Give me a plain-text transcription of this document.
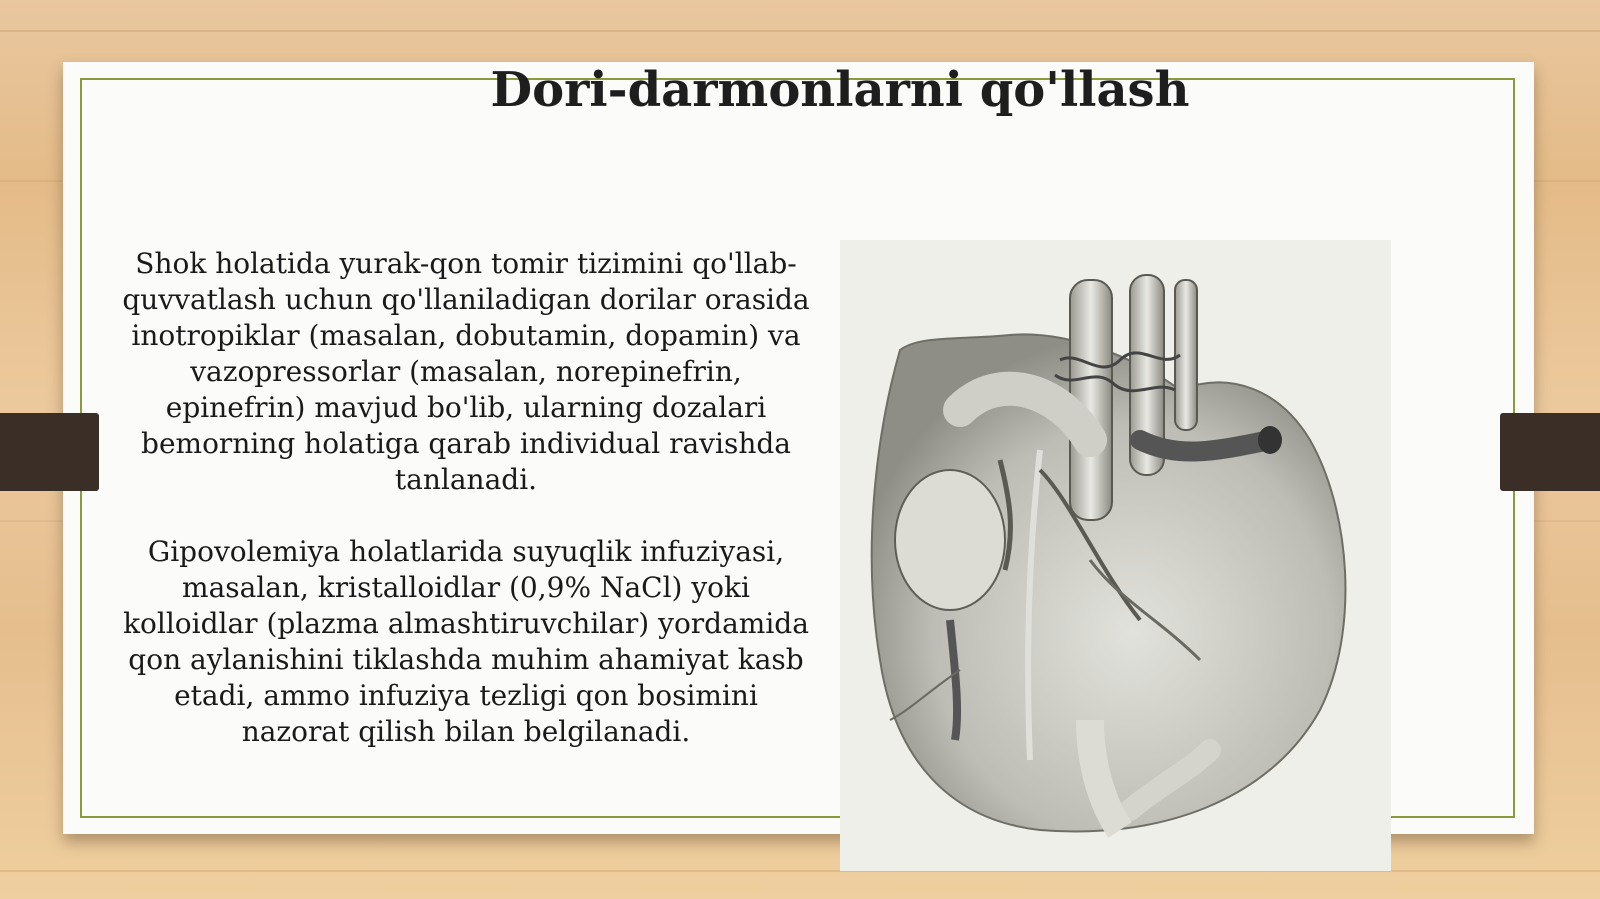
Dori-darmonlarni qo'llash

Shok holatida yurak-qon tomir tizimini qo'llab-
quvvatlash uchun qo'llaniladigan dorilar orasida
inotropiklar (masalan, dobutamin, dopamin) va
vazopressorlar (masalan, norepinefrin,
epinefrin) mavjud bo'lib, ularning dozalari
bemorning holatiga qarab individual ravishda
tanlanadi.

Gipovolemiya holatlarida suyuqlik infuziyasi,
masalan, kristalloidlar (0,9% NaCl) yoki
kolloidlar (plazma almashtiruvchilar) yordamida
qon aylanishini tiklashda muhim ahamiyat kasb
etadi, ammo infuziya tezligi qon bosimini
nazorat qilish bilan belgilanadi.
